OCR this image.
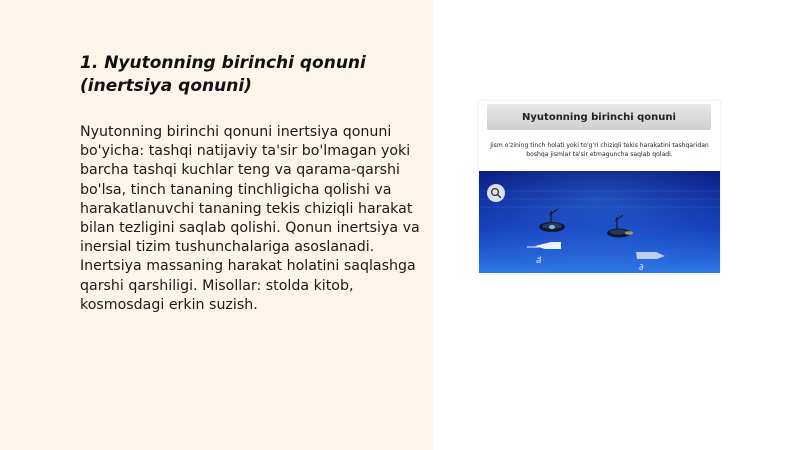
1. Nyutonning birinchi qonuni (inertsiya qonuni)

Nyutonning birinchi qonuni inertsiya qonuni bo'yicha: tashqi natijaviy ta'sir bo'lmagan yoki barcha tashqi kuchlar teng va qarama-qarshi bo'lsa, tinch tananing tinchligicha qolishi va harakatlanuvchi tananing tekis chiziqli harakat bilan tezligini saqlab qolishi. Qonun inertsiya va inersial tizim tushunchalariga asoslanadi. Inertsiya massaning harakat holatini saqlashga qarshi qarshiligi. Misollar: stolda kitob, kosmosdagi erkin suzish.

Nyutonning birinchi qonuni
Jism o'zining tinch holati yoki to'g'ri chiziqli tekis harakatini tashqaridan boshqa jismlar ta'sir etmaguncha saqlab qoladi.
a⃗
∂
